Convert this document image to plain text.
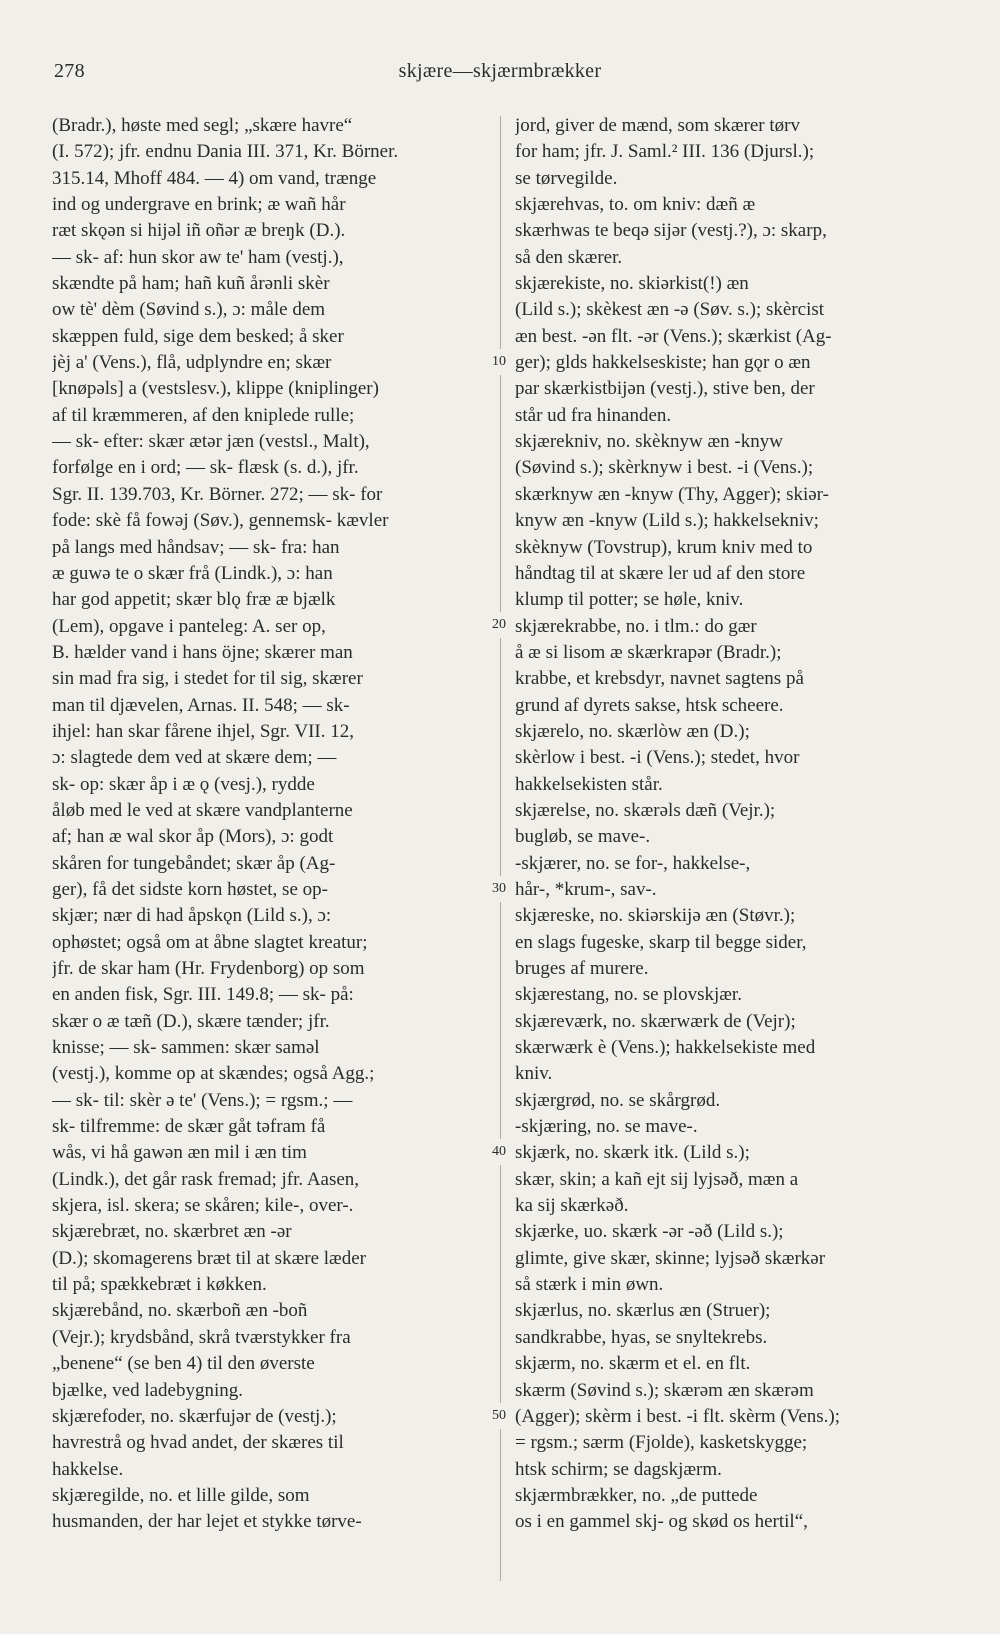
278	skjære—skjærmbrækker
(Bradr.), høste med segl; „skære havre“
(I. 572); jfr. endnu Dania III. 371, Kr. Börner.
315.14, Mhoff 484. — 4) om vand, trænge
ind og undergrave en brink; æ wañ hår
ræt skǫən si hijəl iñ oñər æ breŋk (D.).
— sk- af: hun skor aw te' ham (vestj.),
skændte på ham; hañ kuñ årənli skèr
ow tè' dèm (Søvind s.), ɔ: måle dem
skæppen fuld, sige dem besked; å sker
jèj a' (Vens.), flå, udplyndre en; skær
[knøpəls] a (vestslesv.), klippe (kniplinger)
af til kræmmeren, af den kniplede rulle;
— sk- efter: skær ætər jæn (vestsl., Malt),
forfølge en i ord; — sk- flæsk (s. d.), jfr.
Sgr. II. 139.703, Kr. Börner. 272; — sk- for
fode: skè få fowəj (Søv.), gennemsk- kævler
på langs med håndsav; — sk- fra: han
æ guwə te o skær frå (Lindk.), ɔ: han
har god appetit; skær blǫ fræ æ bjælk
(Lem), opgave i panteleg: A. ser op,
B. hælder vand i hans öjne; skærer man
sin mad fra sig, i stedet for til sig, skærer
man til djævelen, Arnas. II. 548; — sk-
ihjel: han skar fårene ihjel, Sgr. VII. 12,
ɔ: slagtede dem ved at skære dem; —
sk- op: skær åp i æ ǫ (vesj.), rydde
åløb med le ved at skære vandplanterne
af; han æ wal skor åp (Mors), ɔ: godt
skåren for tungebåndet; skær åp (Ag-
ger), få det sidste korn høstet, se op-
skjær; nær di had åpskǫn (Lild s.), ɔ:
ophøstet; også om at åbne slagtet kreatur;
jfr. de skar ham (Hr. Frydenborg) op som
en anden fisk, Sgr. III. 149.8; — sk- på:
skær o æ tæñ (D.), skære tænder; jfr.
knisse; — sk- sammen: skær saməl
(vestj.), komme op at skændes; også Agg.;
— sk- til: skèr ə te' (Vens.); = rgsm.; —
sk- tilfremme: de skær gåt təfram få
wås, vi hå gawən æn mil i æn tim
(Lindk.), det går rask fremad; jfr. Aasen,
skjera, isl. skera; se skåren; kile-, over-.
skjærebræt, no. skærbret æn -ər
(D.); skomagerens bræt til at skære læder
til på; spækkebræt i køkken.
skjærebånd, no. skærboñ æn -boñ
(Vejr.); krydsbånd, skrå tværstykker fra
„benene“ (se ben 4) til den øverste
bjælke, ved ladebygning.
skjærefoder, no. skærfujər de (vestj.);
havrestrå og hvad andet, der skæres til
hakkelse.
skjæregilde, no. et lille gilde, som
husmanden, der har lejet et stykke tørve-
jord, giver de mænd, som skærer tørv
for ham; jfr. J. Saml.² III. 136 (Djursl.);
se tørvegilde.
skjærehvas, to. om kniv: dæñ æ
skærhwas te beqə sijər (vestj.?), ɔ: skarp,
så den skærer.
skjærekiste, no. skiərkist(!) æn
(Lild s.); skèkest æn -ə (Søv. s.); skèrcist
æn best. -ən flt. -ər (Vens.); skærkist (Ag-
ger); glds hakkelseskiste; han gǫr o æn
par skærkistbijən (vestj.), stive ben, der
står ud fra hinanden.
skjærekniv, no. skèknyw æn -knyw
(Søvind s.); skèrknyw i best. -i (Vens.);
skærknyw æn -knyw (Thy, Agger); skiər-
knyw æn -knyw (Lild s.); hakkelsekniv;
skèknyw (Tovstrup), krum kniv med to
håndtag til at skære ler ud af den store
klump til potter; se høle, kniv.
skjærekrabbe, no. i tlm.: do gær
å æ si lisom æ skærkrapər (Bradr.);
krabbe, et krebsdyr, navnet sagtens på
grund af dyrets sakse, htsk scheere.
skjærelo, no. skærlòw æn (D.);
skèrlow i best. -i (Vens.); stedet, hvor
hakkelsekisten står.
skjærelse, no. skærəls dæñ (Vejr.);
bugløb, se mave-.
-skjærer, no. se for-, hakkelse-,
hår-, *krum-, sav-.
skjæreske, no. skiərskijə æn (Støvr.);
en slags fugeske, skarp til begge sider,
bruges af murere.
skjærestang, no. se plovskjær.
skjæreværk, no. skærwærk de (Vejr);
skærwærk è (Vens.); hakkelsekiste med
kniv.
skjærgrød, no. se skårgrød.
-skjæring, no. se mave-.
skjærk, no. skærk itk. (Lild s.);
skær, skin; a kañ ejt sij lyjsəð, mæn a
ka sij skærkəð.
skjærke, uo. skærk -ər -əð (Lild s.);
glimte, give skær, skinne; lyjsəð skærkər
så stærk i min øwn.
skjærlus, no. skærlus æn (Struer);
sandkrabbe, hyas, se snyltekrebs.
skjærm, no. skærm et el. en flt.
skærm (Søvind s.); skærəm æn skærəm
(Agger); skèrm i best. -i flt. skèrm (Vens.);
= rgsm.; særm (Fjolde), kasketskygge;
htsk schirm; se dagskjærm.
skjærmbrækker, no. „de puttede
os i en gammel skj- og skød os hertil“,
10
20
30
40
50
